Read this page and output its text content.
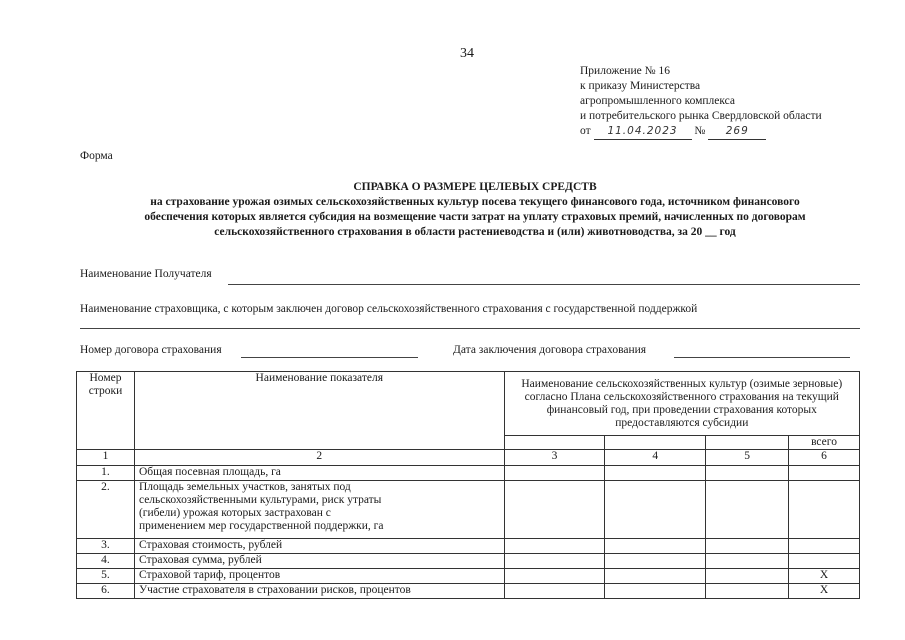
34
Приложение № 16
к приказу Министерства
агропромышленного комплекса
и потребительского рынка Свердловской области
от 11.04.2023 № 269
Форма
СПРАВКА О РАЗМЕРЕ ЦЕЛЕВЫХ СРЕДСТВ
на страхование урожая озимых сельскохозяйственных культур посева текущего финансового года, источником финансового
обеспечения которых является субсидия на возмещение части затрат на уплату страховых премий, начисленных по договорам
сельскохозяйственного страхования в области растениеводства и (или) животноводства, за 20 __ год
Наименование Получателя
Наименование страховщика, с которым заключен договор сельскохозяйственного страхования с государственной поддержкой
Номер договора страхования	Дата заключения договора страхования
Номер строки	Наименование показателя	Наименование сельскохозяйственных культур (озимые зерновые) согласно Плана сельскохозяйственного страхования на текущий финансовый год, при проведении страхования которых предоставляются субсидии			
					всего
1	2	3	4	5	6
1.	Общая посевная площадь, га				
2.	Площадь земельных участков, занятых под сельскохозяйственными культурами, риск утраты (гибели) урожая которых застрахован с применением мер государственной поддержки, га				
3.	Страховая стоимость, рублей				
4.	Страховая сумма, рублей				
5.	Страховой тариф, процентов				Х
6.	Участие страхователя в страховании рисков, процентов				Х
